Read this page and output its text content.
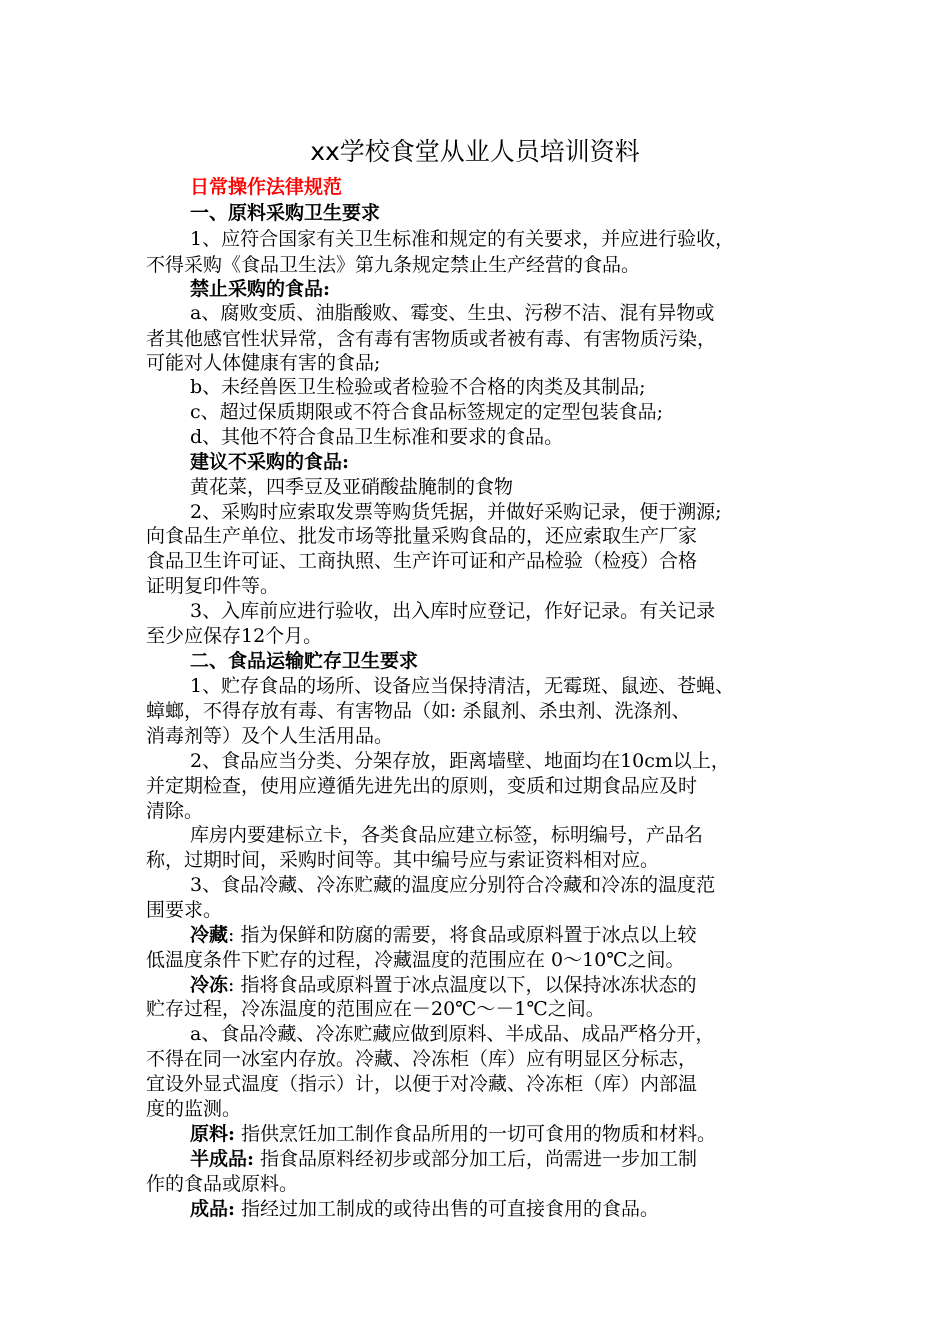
xx学校食堂从业人员培训资料
日常操作法律规范
一、原料采购卫生要求
1、应符合国家有关卫生标准和规定的有关要求，并应进行验收，
不得采购《食品卫生法》第九条规定禁止生产经营的食品。
禁止采购的食品:
a、腐败变质、油脂酸败、霉变、生虫、污秽不洁、混有异物或
者其他感官性状异常，含有毒有害物质或者被有毒、有害物质污染，
可能对人体健康有害的食品;
b、未经兽医卫生检验或者检验不合格的肉类及其制品;
c、超过保质期限或不符合食品标签规定的定型包装食品;
d、其他不符合食品卫生标准和要求的食品。
建议不采购的食品:
黄花菜，四季豆及亚硝酸盐腌制的食物
2、采购时应索取发票等购货凭据，并做好采购记录，便于溯源;
向食品生产单位、批发市场等批量采购食品的，还应索取生产厂家
食品卫生许可证、工商执照、生产许可证和产品检验（检疫）合格
证明复印件等。
3、入库前应进行验收，出入库时应登记，作好记录。有关记录
至少应保存12个月。
二、食品运输贮存卫生要求
1、贮存食品的场所、设备应当保持清洁，无霉斑、鼠迹、苍蝇、
蟑螂，不得存放有毒、有害物品（如: 杀鼠剂、杀虫剂、洗涤剂、
消毒剂等）及个人生活用品。
2、食品应当分类、分架存放，距离墙壁、地面均在10cm以上，
并定期检查，使用应遵循先进先出的原则，变质和过期食品应及时
清除。
库房内要建标立卡，各类食品应建立标签，标明编号，产品名
称，过期时间，采购时间等。其中编号应与索证资料相对应。
3、食品冷藏、冷冻贮藏的温度应分别符合冷藏和冷冻的温度范
围要求。
冷藏: 指为保鲜和防腐的需要，将食品或原料置于冰点以上较
低温度条件下贮存的过程，冷藏温度的范围应在 0～10℃之间。
冷冻: 指将食品或原料置于冰点温度以下，以保持冰冻状态的
贮存过程，冷冻温度的范围应在－20℃～－1℃之间。
a、食品冷藏、冷冻贮藏应做到原料、半成品、成品严格分开，
不得在同一冰室内存放。冷藏、冷冻柜（库）应有明显区分标志，
宜设外显式温度（指示）计，以便于对冷藏、冷冻柜（库）内部温
度的监测。
原料: 指供烹饪加工制作食品所用的一切可食用的物质和材料。
半成品: 指食品原料经初步或部分加工后，尚需进一步加工制
作的食品或原料。
成品: 指经过加工制成的或待出售的可直接食用的食品。
